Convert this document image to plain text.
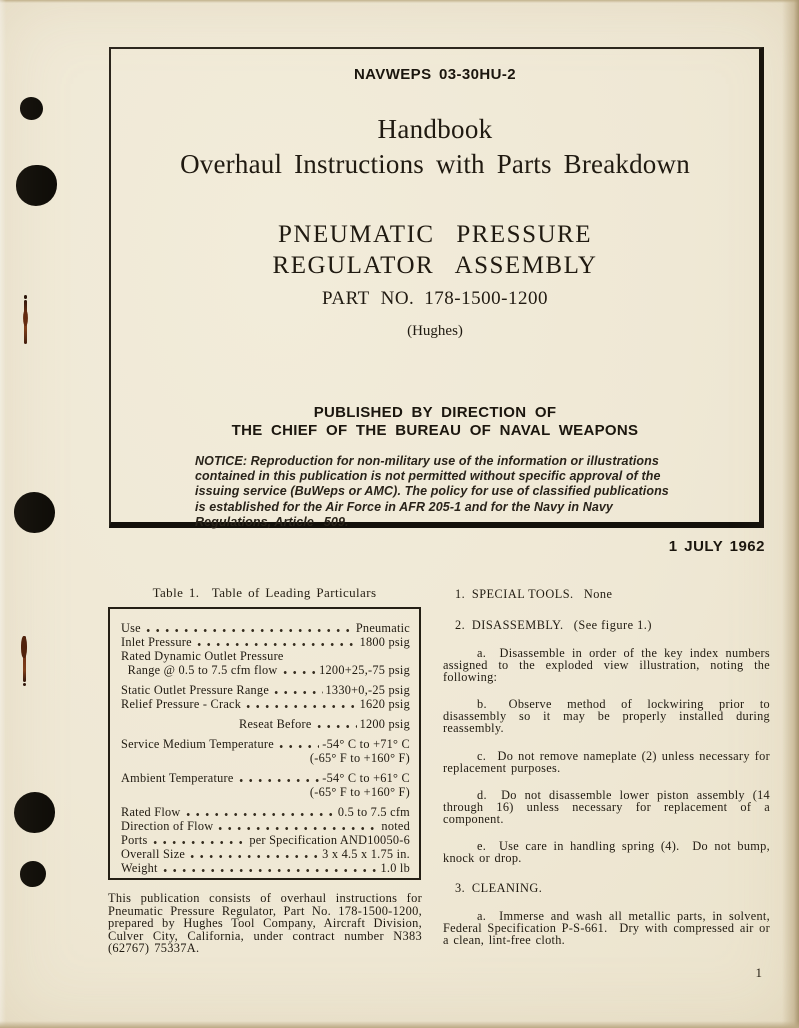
NAVWEPS 03-30HU-2
Handbook
Overhaul Instructions with Parts Breakdown
PNEUMATIC PRESSURE
REGULATOR ASSEMBLY
PART NO. 178-1500-1200
(Hughes)
PUBLISHED BY DIRECTION OF
THE CHIEF OF THE BUREAU OF NAVAL WEAPONS
NOTICE: Reproduction for non-military use of the information or illustrations contained in this publication is not permitted without specific approval of the issuing service (BuWeps or AMC). The policy for use of classified publications is established for the Air Force in AFR 205-1 and for the Navy in Navy Regulations, Article  509.
1 JULY 1962
Table 1.  Table of Leading Particulars
Use	Pneumatic
Inlet Pressure	1800 psig
Rated Dynamic Outlet Pressure
Range @ 0.5 to 7.5 cfm flow	1200+25,-75 psig
Static Outlet Pressure Range	1330+0,-25 psig
Relief Pressure - Crack	1620 psig
Reseat Before	1200 psig
Service Medium Temperature	-54° C to +71° C
(-65° F to +160° F)
Ambient Temperature	-54° C to +61° C
(-65° F to +160° F)
Rated Flow	0.5 to 7.5 cfm
Direction of Flow	noted
Ports	per Specification AND10050-6
Overall Size	3 x 4.5 x 1.75 in.
Weight	1.0 lb
This publication consists of overhaul instructions for Pneumatic Pressure Regulator, Part No. 178-1500-1200, prepared by Hughes Tool Company, Aircraft Division, Culver City, California, under contract number N383 (62767) 75337A.
1. SPECIAL TOOLS.  None
2. DISASSEMBLY.  (See figure 1.)
a.  Disassemble in order of the key index numbers assigned to the exploded view illustration, noting the following:
b.  Observe method of lockwiring prior to disassembly so it may be properly installed during reassembly.
c.  Do not remove nameplate (2) unless necessary for replacement purposes.
d.  Do not disassemble lower piston assembly (14 through 16) unless necessary for replacement of a component.
e.  Use care in handling spring (4).  Do not bump, knock or drop.
3. CLEANING.
a.  Immerse and wash all metallic parts, in solvent, Federal Specification P-S-661.  Dry with compressed air or a clean, lint-free cloth.
1
